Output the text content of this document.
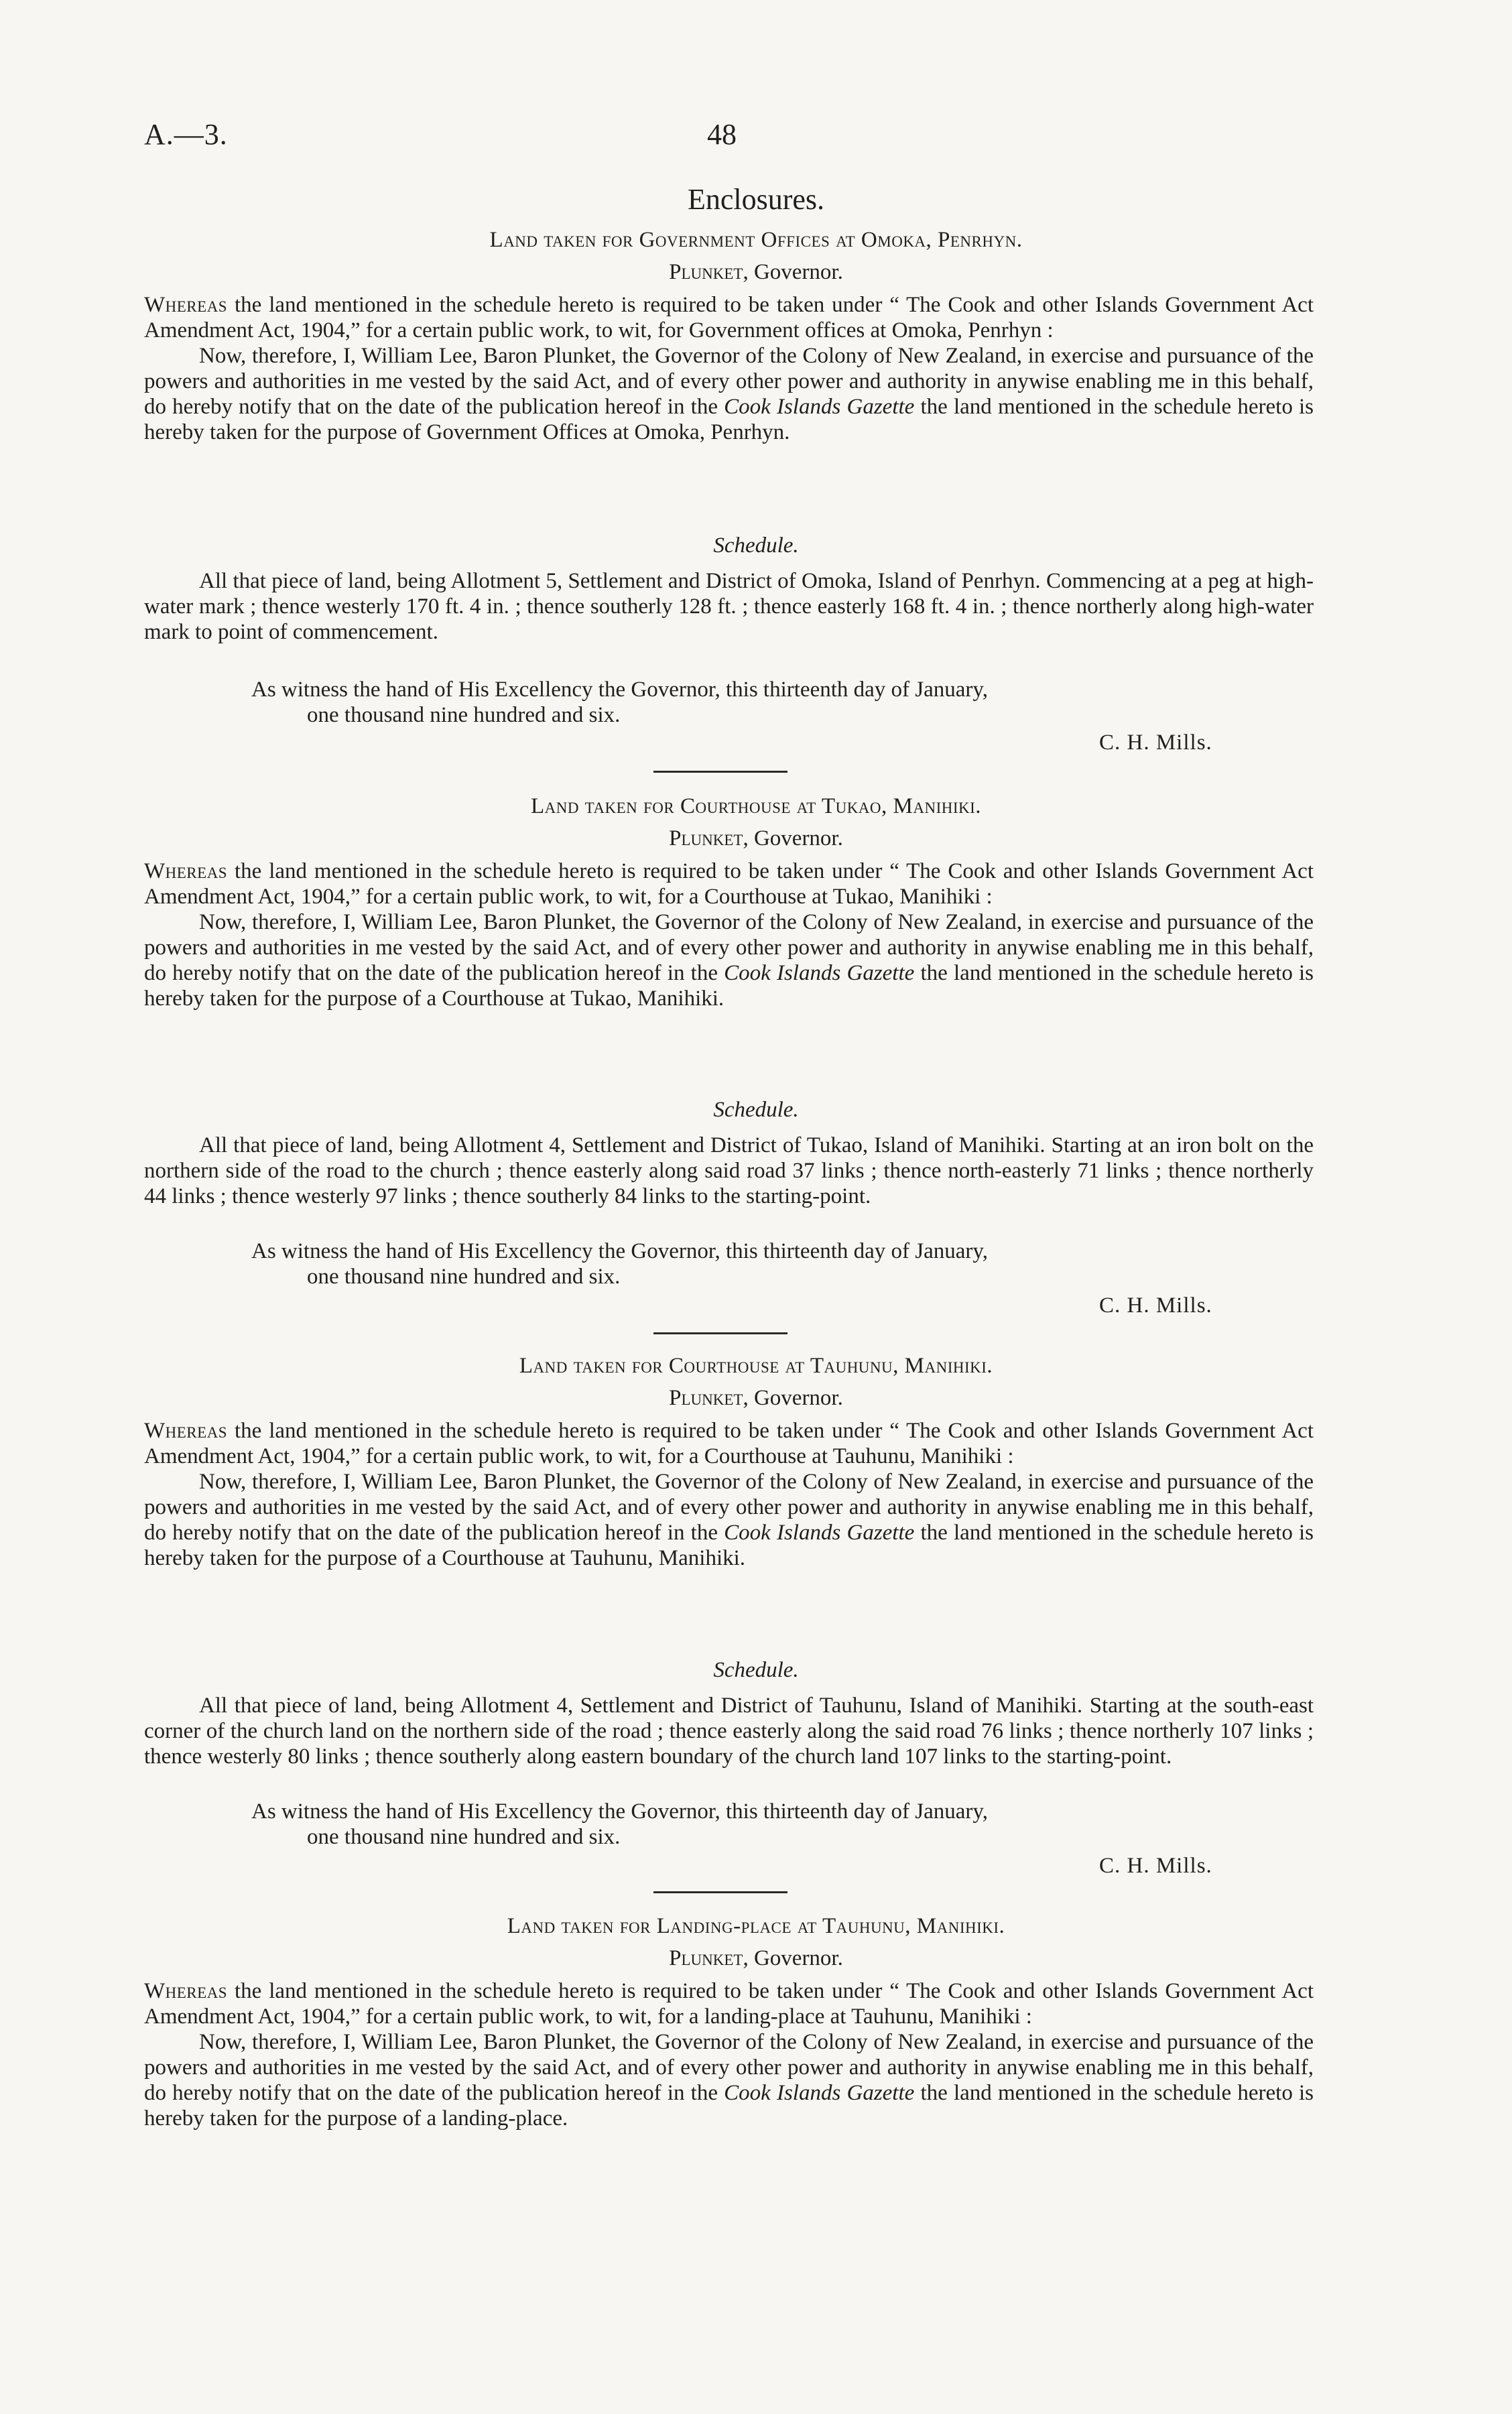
A.—3.	48
Enclosures.
Land taken for Government Offices at Omoka, Penrhyn.
Plunket, Governor.

Whereas the land mentioned in the schedule hereto is required to be taken under “ The Cook and other Islands Government Act Amendment Act, 1904,” for a certain public work, to wit, for Government offices at Omoka, Penrhyn :

Now, therefore, I, William Lee, Baron Plunket, the Governor of the Colony of New Zealand, in exercise and pursuance of the powers and authorities in me vested by the said Act, and of every other power and authority in anywise enabling me in this behalf, do hereby notify that on the date of the publication hereof in the Cook Islands Gazette the land mentioned in the schedule hereto is hereby taken for the purpose of Government Offices at Omoka, Penrhyn.

Schedule.

All that piece of land, being Allotment 5, Settlement and District of Omoka, Island of Penrhyn. Commencing at a peg at high-water mark ; thence westerly 170 ft. 4 in. ; thence southerly 128 ft. ; thence easterly 168 ft. 4 in. ; thence northerly along high-water mark to point of commencement.

As witness the hand of His Excellency the Governor, this thirteenth day of January,
one thousand nine hundred and six.

C. H. Mills.
Land taken for Courthouse at Tukao, Manihiki.
Plunket, Governor.

Whereas the land mentioned in the schedule hereto is required to be taken under “ The Cook and other Islands Government Act Amendment Act, 1904,” for a certain public work, to wit, for a Courthouse at Tukao, Manihiki :

Now, therefore, I, William Lee, Baron Plunket, the Governor of the Colony of New Zealand, in exercise and pursuance of the powers and authorities in me vested by the said Act, and of every other power and authority in anywise enabling me in this behalf, do hereby notify that on the date of the publication hereof in the Cook Islands Gazette the land mentioned in the schedule hereto is hereby taken for the purpose of a Courthouse at Tukao, Manihiki.

Schedule.

All that piece of land, being Allotment 4, Settlement and District of Tukao, Island of Manihiki. Starting at an iron bolt on the northern side of the road to the church ; thence easterly along said road 37 links ; thence north-easterly 71 links ; thence northerly 44 links ; thence westerly 97 links ; thence southerly 84 links to the starting-point.

As witness the hand of His Excellency the Governor, this thirteenth day of January,
one thousand nine hundred and six.

C. H. Mills.
Land taken for Courthouse at Tauhunu, Manihiki.
Plunket, Governor.

Whereas the land mentioned in the schedule hereto is required to be taken under “ The Cook and other Islands Government Act Amendment Act, 1904,” for a certain public work, to wit, for a Courthouse at Tauhunu, Manihiki :

Now, therefore, I, William Lee, Baron Plunket, the Governor of the Colony of New Zealand, in exercise and pursuance of the powers and authorities in me vested by the said Act, and of every other power and authority in anywise enabling me in this behalf, do hereby notify that on the date of the publication hereof in the Cook Islands Gazette the land mentioned in the schedule hereto is hereby taken for the purpose of a Courthouse at Tauhunu, Manihiki.

Schedule.

All that piece of land, being Allotment 4, Settlement and District of Tauhunu, Island of Manihiki. Starting at the south-east corner of the church land on the northern side of the road ; thence easterly along the said road 76 links ; thence northerly 107 links ; thence westerly 80 links ; thence southerly along eastern boundary of the church land 107 links to the starting-point.

As witness the hand of His Excellency the Governor, this thirteenth day of January,
one thousand nine hundred and six.

C. H. Mills.
Land taken for Landing-place at Tauhunu, Manihiki.
Plunket, Governor.

Whereas the land mentioned in the schedule hereto is required to be taken under “ The Cook and other Islands Government Act Amendment Act, 1904,” for a certain public work, to wit, for a landing-place at Tauhunu, Manihiki :

Now, therefore, I, William Lee, Baron Plunket, the Governor of the Colony of New Zealand, in exercise and pursuance of the powers and authorities in me vested by the said Act, and of every other power and authority in anywise enabling me in this behalf, do hereby notify that on the date of the publication hereof in the Cook Islands Gazette the land mentioned in the schedule hereto is hereby taken for the purpose of a landing-place.
